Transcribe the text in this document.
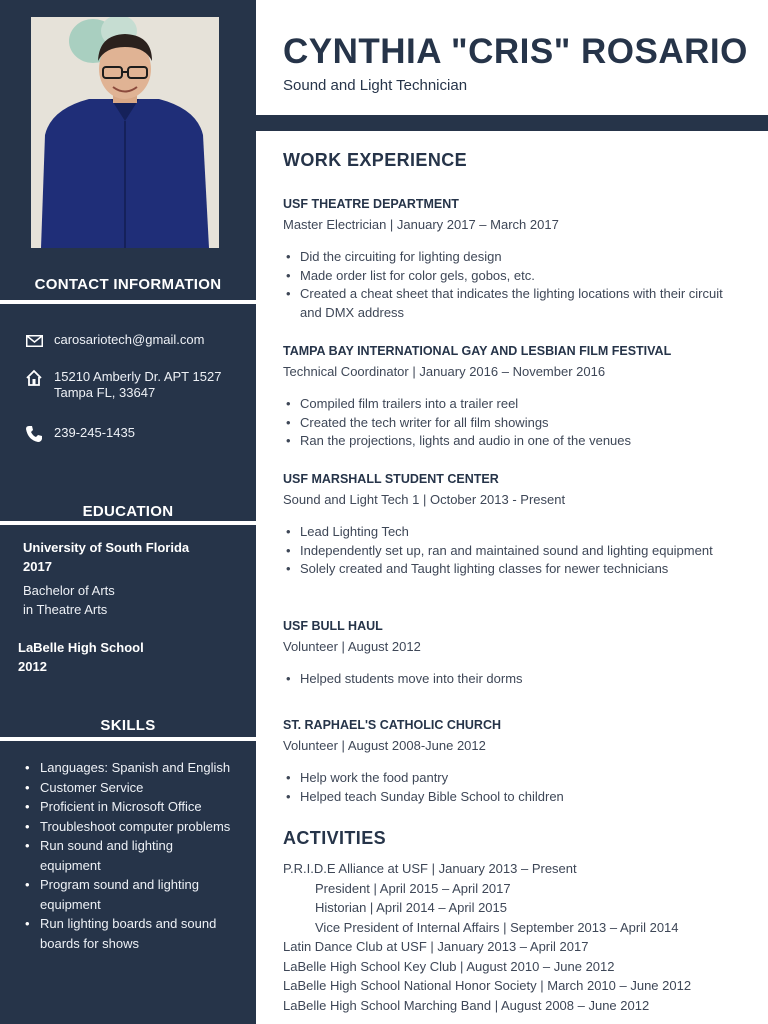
CONTACT INFORMATION
carosariotech@gmail.com
15210 Amberly Dr. APT 1527
Tampa FL, 33647
239-245-1435
EDUCATION
University of South Florida
2017
Bachelor of Arts
in Theatre Arts
LaBelle High School
2012
SKILLS
• Languages: Spanish and English
• Customer Service
• Proficient in Microsoft Office
• Troubleshoot computer problems
• Run sound and lighting equipment
• Program sound and lighting equipment
• Run lighting boards and sound boards for shows
CYNTHIA "CRIS" ROSARIO
Sound and Light Technician
WORK EXPERIENCE
USF THEATRE DEPARTMENT
Master Electrician | January 2017 – March 2017
• Did the circuiting for lighting design
• Made order list for color gels, gobos, etc.
• Created a cheat sheet that indicates the lighting locations with their circuit and DMX address
TAMPA BAY INTERNATIONAL GAY AND LESBIAN FILM FESTIVAL
Technical Coordinator | January 2016 – November 2016
• Compiled film trailers into a trailer reel
• Created the tech writer for all film showings
• Ran the projections, lights and audio in one of the venues
USF MARSHALL STUDENT CENTER
Sound and Light Tech 1 | October 2013 - Present
• Lead Lighting Tech
• Independently set up, ran and maintained sound and lighting equipment
• Solely created and Taught lighting classes for newer technicians
USF BULL HAUL
Volunteer | August 2012
• Helped students move into their dorms
ST. RAPHAEL'S CATHOLIC CHURCH
Volunteer | August 2008-June 2012
• Help work the food pantry
• Helped teach Sunday Bible School to children
ACTIVITIES
P.R.I.D.E Alliance at USF | January 2013 – Present
President | April 2015 – April 2017
Historian | April 2014 – April 2015
Vice President of Internal Affairs | September 2013 – April 2014
Latin Dance Club at USF | January 2013 – April 2017
LaBelle High School Key Club | August 2010 – June 2012
LaBelle High School National Honor Society | March 2010 – June 2012
LaBelle High School Marching Band | August 2008 – June 2012
